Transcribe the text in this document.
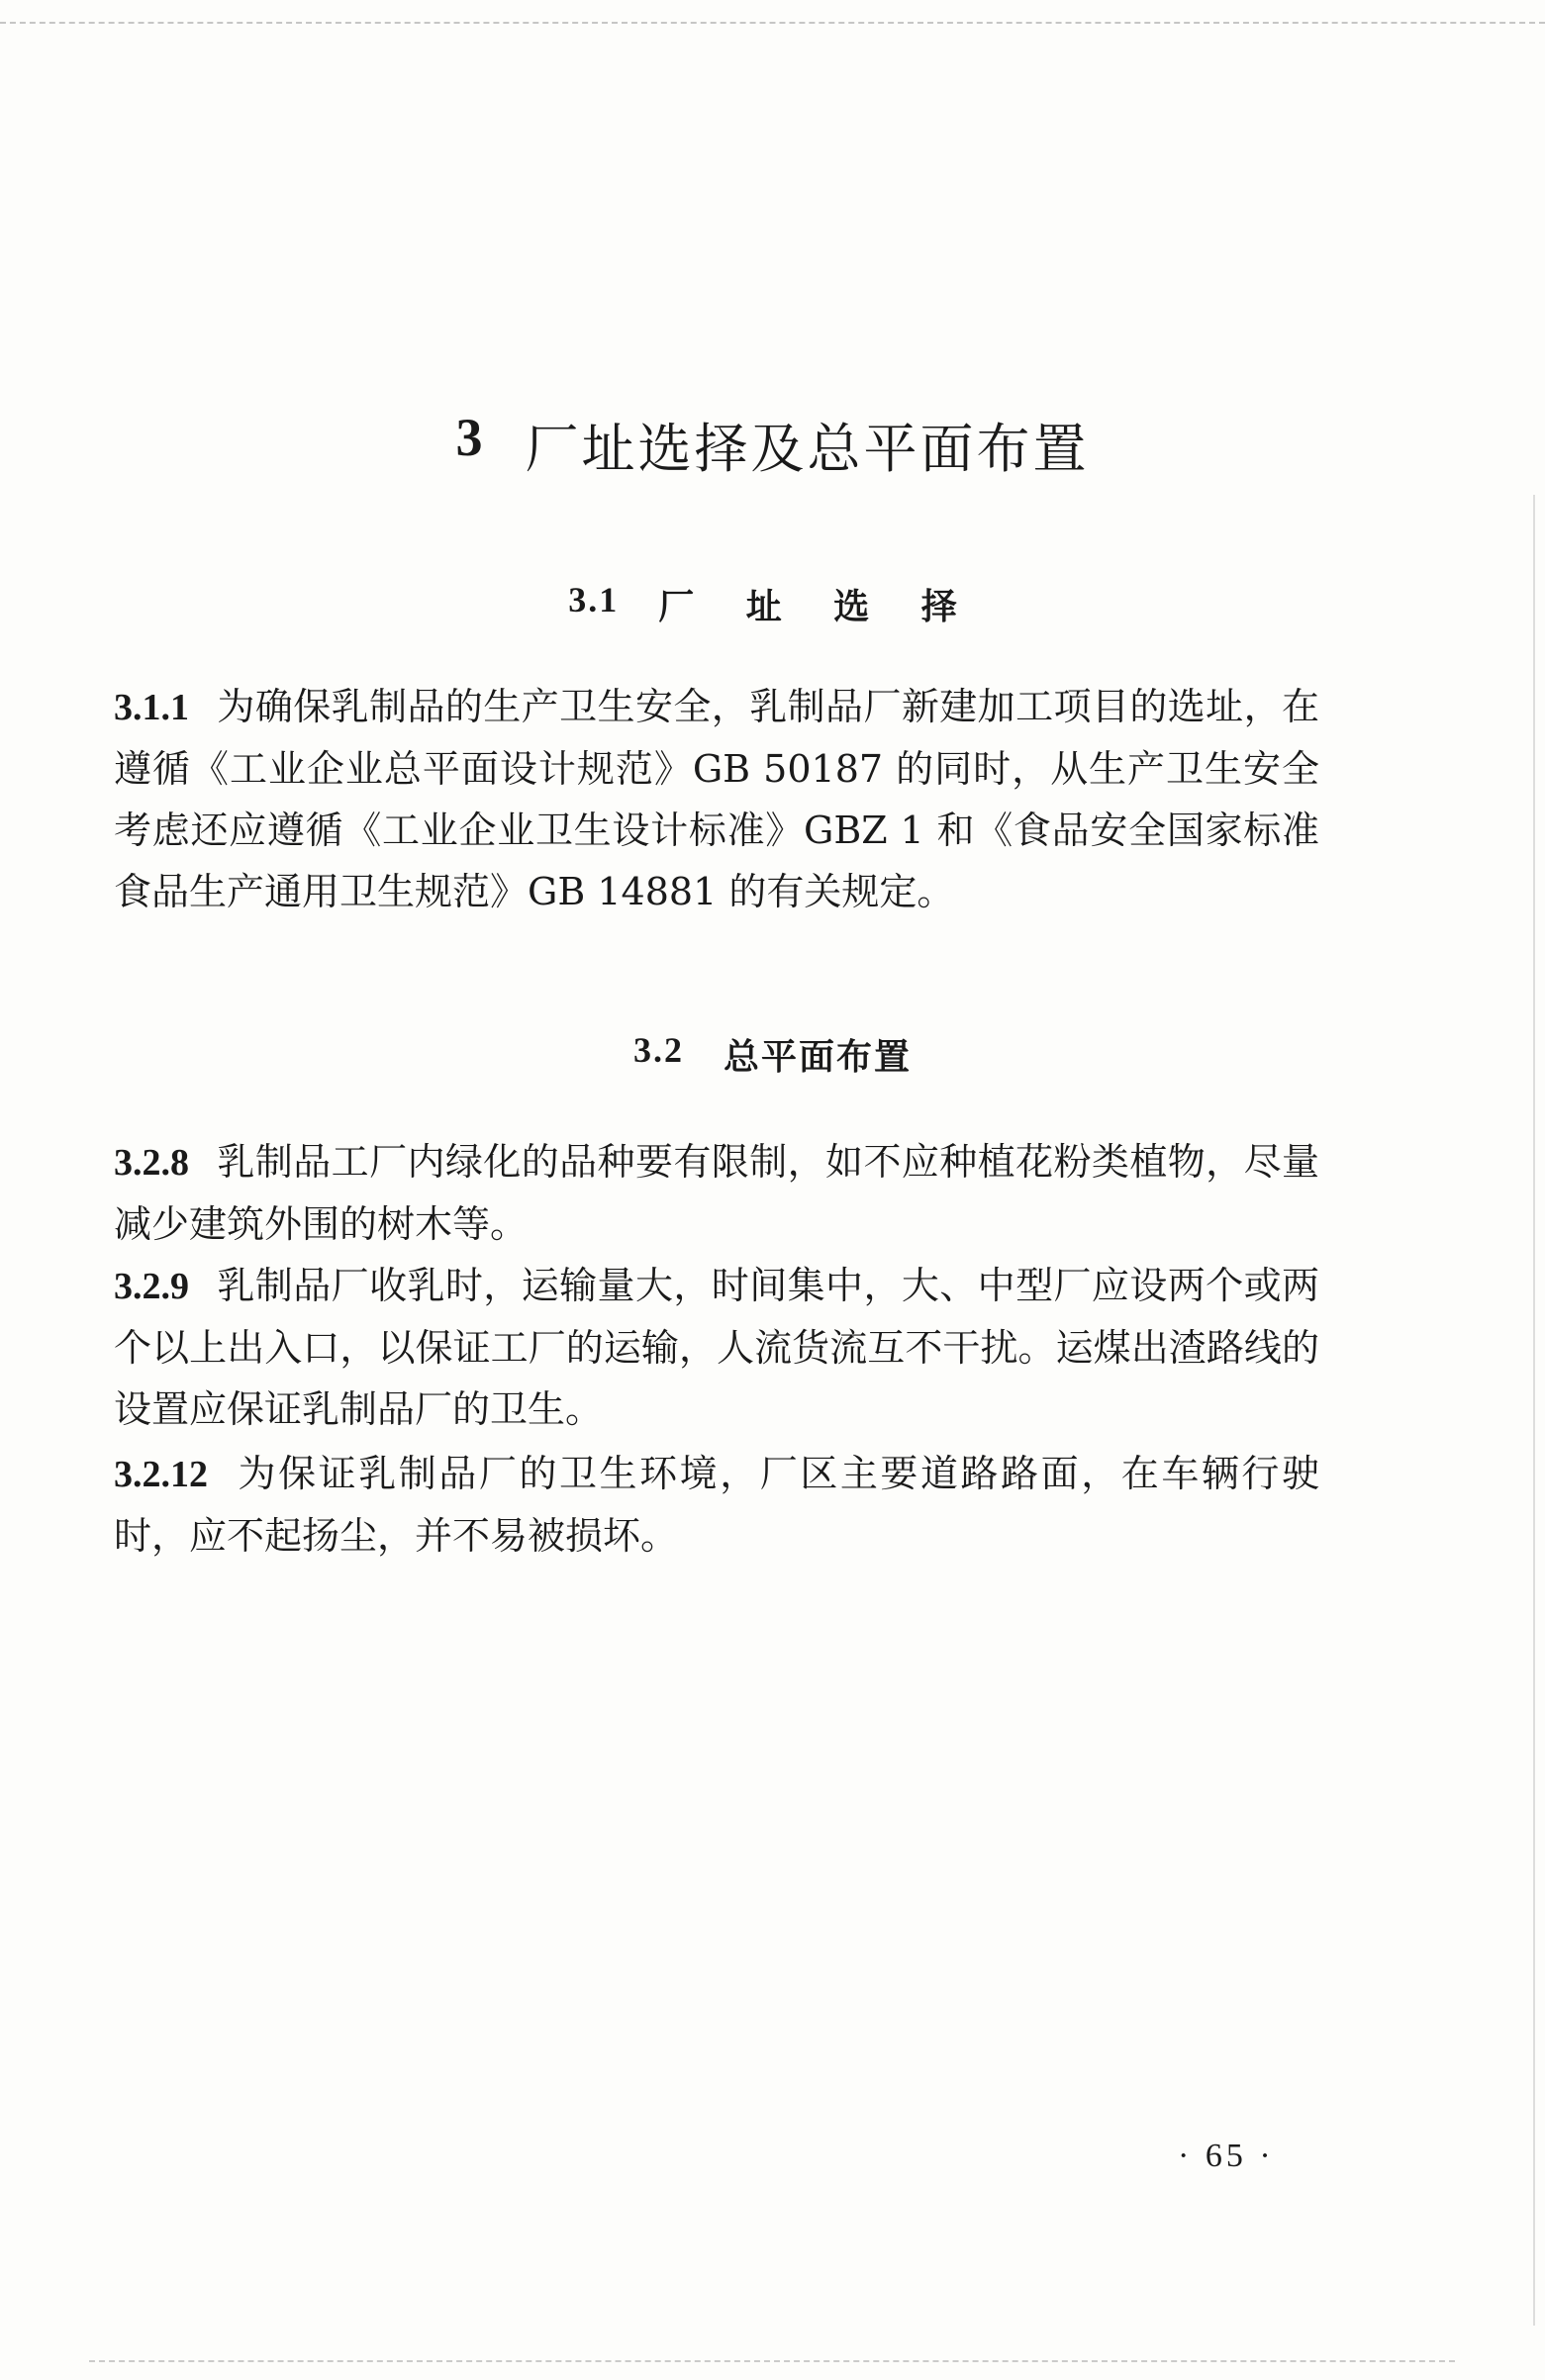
3 厂址选择及总平面布置
3.1 厂 址 选 择

3.1.1 为确保乳制品的生产卫生安全，乳制品厂新建加工项目的选址，在遵循《工业企业总平面设计规范》GB 50187 的同时，从生产卫生安全考虑还应遵循《工业企业卫生设计标准》GBZ 1 和《食品安全国家标准 食品生产通用卫生规范》GB 14881 的有关规定。

3.2 总平面布置

3.2.8 乳制品工厂内绿化的品种要有限制，如不应种植花粉类植物，尽量减少建筑外围的树木等。

3.2.9 乳制品厂收乳时，运输量大，时间集中，大、中型厂应设两个或两个以上出入口，以保证工厂的运输，人流货流互不干扰。运煤出渣路线的设置应保证乳制品厂的卫生。

3.2.12 为保证乳制品厂的卫生环境，厂区主要道路路面，在车辆行驶时，应不起扬尘，并不易被损坏。

· 65 ·
